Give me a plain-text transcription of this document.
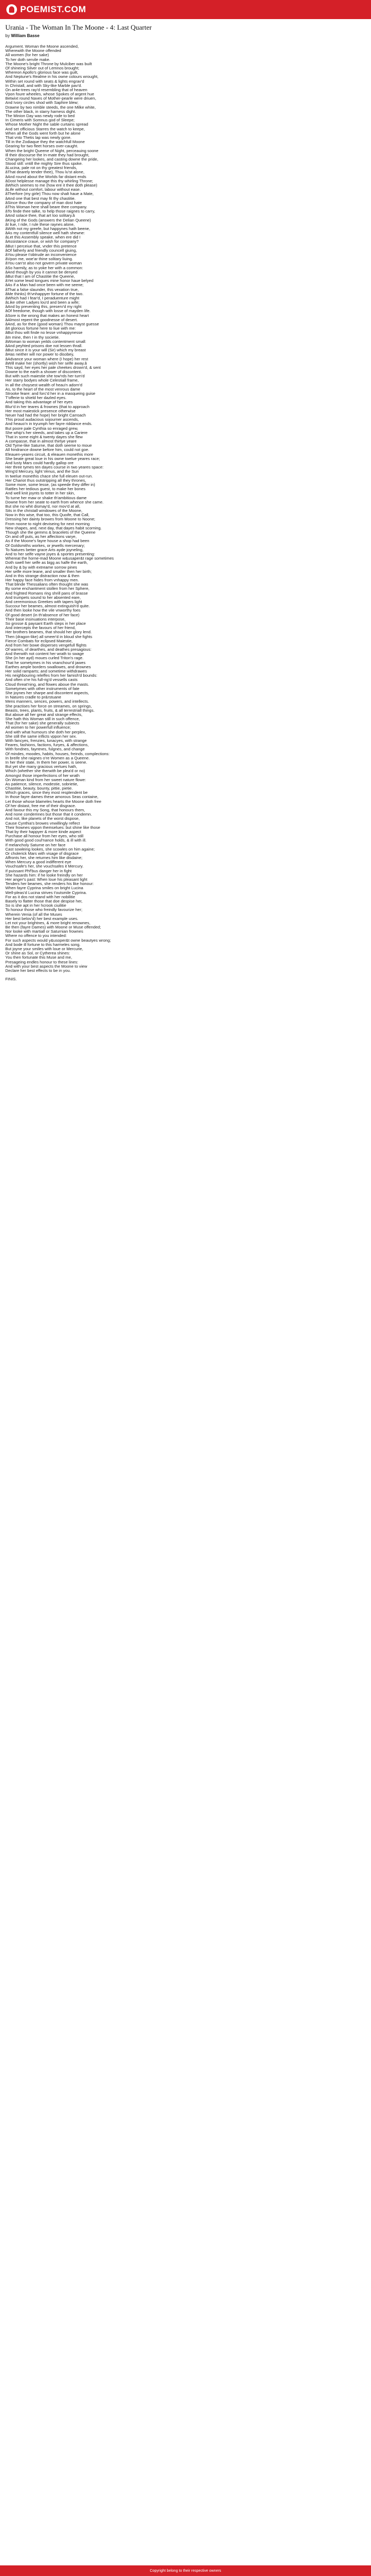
POEMIST.COM
Urania - The Woman In The Moone - 4: Last Quarter
by William Basse
Argument. Woman the Moone ascended,
Wherewith the Moone offended
All women (for her sake)
To her doth servile make.
The Moone's bright Throne by Mulciber was built
Of shineing Silver out of Lemnos brought;
Whereon Apollo's glorious face was guilt,
And Neptune's Realme in his owne colours wrought,
Within set round with seats & lights engrav'd
In Christall, and with Sky-like Marble pav'd.
On ar4e-trees ray'd resembling that of heaven
Vpon foure wheeles, whose Spokes of argent hue
Betwixt round Naves of Mother-pearle were driuen,
And Ivory circles shod with Saphire blew;
Drawne by two nimble steeds, the one Milke white,
The other black, in starry harness dight.
The Minion Day was newly rode to bed
In Cimeris with Somnus god of Sleepe;
Whose Mother Night the sable curtains spread
And set officious Starres the watch to keepe,
When all the Gods went forth but he alone
That vnto Thetis lap was newly gone.
Till in the Zodiaque they the watchfull Moone
Gearing for two fleet horses over-caught.
When the bright Queene of Night, perceauing soone
Ill their discourse the In-mate they had brought,
Changeing her lookes, and casting downe the pride,
Stood still: vntill the mighty Sire thus spoke.
âLucina, pale rot on thy greatest friends,
âThat dearely tender thee), Thou lu'st alone,
âAnd round about the Worlds far distant ends
âDost helplesse manage this thy whirling Throne;
âWhich seemes to me (how ere it thee doth please)
âLife without comfort, labour without ease.
âTherfore (my girle) Thou now shalt haue a Mate,
âAnd one that best may fit thy chastitie.
âSince thou the company of man dost hate
âThis Woman here shall beare thee company.
âTo finde thee talke, to help those raignes to carry,
âAnd solace thee, that art too solitary.â
âKing of the Gods (answers the Delian Queene)
âI liue, I ride, I rule these raynes alone,
âWith not my greefe, but happynes hath beene,
âAs my contentfull silence well hath shewne:
âLet this Assembly speake, when ere did I
âAssistance craue, or wish for company?
âBut I perceiue that, vnder this pretence
âOf fatherly and friendly councell giuing,
âYou please t'obtrude an inconvenience
âVpon me, woe'ar thine solitary liuing.
âYou can'st also not govern private woman
âSo harmily, as to yoke her with a common:
âAnd though by you it cannot be denyed
âBut that I am of Chastitie the Queene,
âYet some lewd tongues mine honor haue belyed
âAs if a Man had once been with me seene;
âThat a false slaunder, this vexation true,
âMe thinks) th'vnhappyer fortune of the two.
âWhich had I fear'd, I peraduenture might
âLike other Ladyes lou'd and been a wife;
âAnd by preventing this, preserv'd my right
âOf freedome, though with losse of mayden life.
âSore is the wrong that makes an honest heart
âAlmost repent the goodnesse of desert.
âAnd, as for thee (good woman) Thou mayst guesse
âIt glorious fortune here to liue with me:
âBut thou wilt finde no lesse vnhappynesse
âIn mine, then I in thy societie.
âWoman to woman yeilds contentment small:
âAnd peyhted prisons doe not lessen thrall.
âBut since it is your will (Sir) which my breast
âHas neither will nor power to disobey,
âAdvance your woman where (I hope) her rest
âWill make her (shortly) wish her selfe away.â
This sayd, her eyes her pale cheekes drown'd, & sent
Downe to the earth a shower of discontent.
But with such maiestie she tow'rds her turn'd
Her starry bodyes whole Celestiall frame,
In all the choysest wealth of heau'n adorn'd
As, to the heart of the most venrous dame
Strooke feare: and forc'd her in a masqueing guise
T'offerie to shield her dazled eyes.
And taking this advantage of her eyes
Blur'd in her teares & frownes (that to approach
Her most maiestick presence otherwise
Neuer had had the hope) her bright Carroach
This proud audacious sojourner ascends,
And heauo'n in tryumph her fayre riddance ends.
But poore pale Cynthia so enraged grew,
She whip's her steeds, and takes up a Cariere
That in some eight & twenty dayes she flew
A compasse, that in almost thirtye yeare
Old Tyme-like Saturne, that doth seeme to moue
All hindrance downe before him, could not goe.
Eleauen-yeares circuit, & eleauen monethis more
She beate great loue in his owne twelue yeares race;
And lusty Mars could hardly gallop ore
Her three tymes ten dayes course in two yeares space:
Wing'd Mercury, light Venus, and the Sun
In twelue monethis chace she full eleuen out-run.
Her Chariot thus outstripping all they thrones,
Some more, some lesse, (as speede they differ in)
Rattles her tedious guest, to make her bones
And well knit joynts to totter in her skin,
To turne her maw or shake th'ambitious dame
Downe from her seate to earth from whence she came.
But she no whit dismay'd, nor mov'd at all,
Sits in the christall windowes of the Moone,
Now in this wise, that too, this Quoife, that Call,
Dressing her dainty browes from Moone to Noone;
From noone to night deviseing for next morning
New shapes, and, next day, that dayes habit scorning.
Though she the gemms & bracelets of the Queene
On and off puts, as her affections varye,
As if the Moone's fayre house a shop had been
Of Goldsmiths workes, or jewells mercenary;
To Natures better grace Arts ayde joyneling,
And to her selfe vayne joyes & sportes presenting:
Whereat the horne-mad Moone w&usaper&t rage sometimes
Doth swell her selfe as bigg as halfe the earth,
And by & by with extreame sorrow pines
Her selfe more leane, and smaller then her birth;
And in this strange distraction now & then
Her happy face hides from vnhappy men.
That blinde Thessalians often thought she was
By some enchantment stollen from her Sphere,
And frighted Romans ring shrill pans of brasse
And trumpets sound to her absented eare,
And ceremonious Greekes with tapers light
Succour her beames, almost extinguish'd quite.
And then looke how the vile vnworthy foes
Of good desert (in th'absence of her face)
Their base insinuations interpose,
So grosse & paysant Earth steps in her place
And intercepts the favours of her friend,
Her brothers beames, that should her glory lend.
Then (dragon-like) all smeer'd in bloud she fights
Fierce Combats for eclipsed Maiestie,
And from her bowe disperses vengefull flights
Of warres, of dearthes, and deathes presagious:
And therwith not content her wrath to swage
She (in her ayd) moues curled Triton's rage.
That he sometymes in his vnanchour'd jawes
Earthes ample borders swallowes, and drownes
Her solid ramparts; and sometime withdrawes
His neighbouring releffes from her famish'd bounds:
And often o're his full-rig'd vessells casts
Cloud threat'ning, and flowes aboue the masts.
Sometymes with other instruments of fate
She joynes her sharpe and discontent aspects,
In Natures cradle to pr&rstuane
Mens manners, sences, powers, and intellects.
She practises her force on streames, on springs,
Beasts, trees, plants, fruits, & all terrestriall things.
But aboue all her great and strange effects,
She hath this Woman still in such offence,
That (for her sake) she generally subiects
All women to her powerfull influence;
And with what humours she doth her perplex,
She still the same inflicts vppon her sex.
With fancyes, frenzies, lunacyes, with strange
Feares, fashions, factions, furyes, & affections,
With fondnes, fayntnes, fulgnes, and change
Of mindes, moodes, habits, houses, freinds, complections:
In breife she raignes o're Women as a Queene.
In her their state, In them her power, is seene.
But yet she many gracious vertues hath,
Which (whether she therwith be plea'd or no)
Amongst those imperfections of her wrath
On Woman kind from her sweet nature flowe:
As patience, silence, modestie, sobrietie,
Chastitie, beauty, bounty, pittie, pietie.
Which graces, since they most resplendent be
In those fayre dames these amorous Seas containe,
Let those whose blameles hearts the Moone doth free
Of her distast, free me of their disgrace.
And favour this my Song, that honours them,
And none condemnes but those that it condemn.
And not, like planets of the worst dispose,
Cause Cynthia's browes vnwillingly reflect
Their frownes vppon themselues: but shine like those
That by their happyer & more kinde aspect
Purchase all honour from her eyes, who still
With good good coul'nance holds, & ill with ill.
If melancholy Saturne on her face
Cast sowleing lookes, she scowles on him againe;
Or cholerick Mars with visage of disgrace
Affronts her, she returnes him like disdaine;
When Mercury a good indifferent eye
Vouchsafe's her, she vouchsafes it Mercury.
If puissant Phf'bus danger her in fight
She hazards him: if he looke freindly on her
Her anger's past: When loue his pleasant light
Tenders her beames, she renders his like honour:
When fayre Cyprina smiles on bright Lucina
Well-pleas'd Lucina strives t'outsmile Cyprina.
For as it dos not stand with her nobilitie
Basely to flatter those that doe despise her,
So is she apt in her hcrook ciuilitie
To honour those who freindly favourize her;
Wherein Venia (of all the Muses
Her best belov'd) her best example uses.
Let not your brightnes, & more bright renownes,
Be then (fayre Dames) with Moone or Muse offended;
Nor looke with martiall or Saturnian frownes
Where no offence to you intended:
For such aspects would y&usoper&t owne beautyes wrong;
And bode ill fortune to this harmeles song.
But joyne your smiles with loue or Mercurie,
Or shine as Sol, or Cytherea shines:
You then fortunate this Muse and me,
Presageing endles honour to these lines:
And with your best aspects the Moone to view
Declare her best effects to be in you.

FINIS.
Copyright belong to their respective owners
